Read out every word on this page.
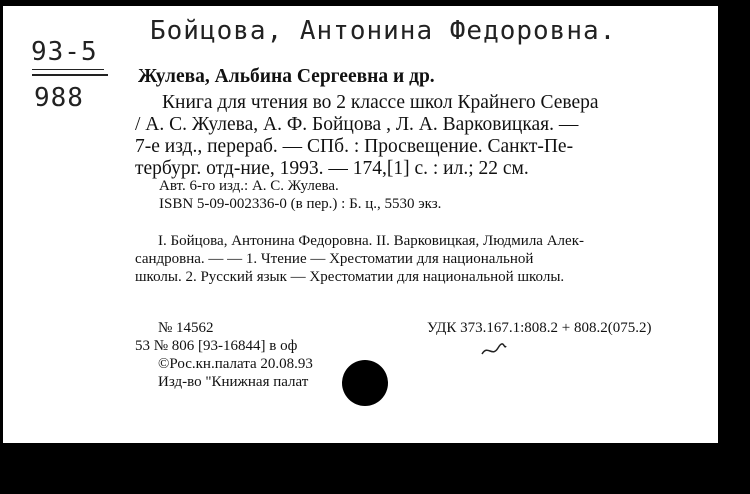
Бойцова, Антонина Федоровна.
93-5
988
Жулева, Альбина Сергеевна и др.
Книга для чтения во 2 классе школ Крайнего Севера
/ А. С. Жулева, А. Ф. Бойцова , Л. А. Варковицкая. —
7-е изд., перераб. — СПб. : Просвещение. Санкт-Пе-
тербург. отд-ние, 1993. — 174,[1] с. : ил.; 22 см.
Авт. 6-го изд.: А. С. Жулева.
ISBN 5-09-002336-0 (в пер.) : Б. ц., 5530 экз.
I. Бойцова, Антонина Федоровна. II. Варковицкая, Людмила Алек-
сандровна. — — 1. Чтение — Хрестоматии для национальной
школы. 2. Русский язык — Хрестоматии для национальной школы.
№ 14562	УДК 373.167.1:808.2 + 808.2(075.2)
53 № 806 [93-16844] в оф
©Рос.кн.палата 20.08.93
Изд-во "Книжная палат
